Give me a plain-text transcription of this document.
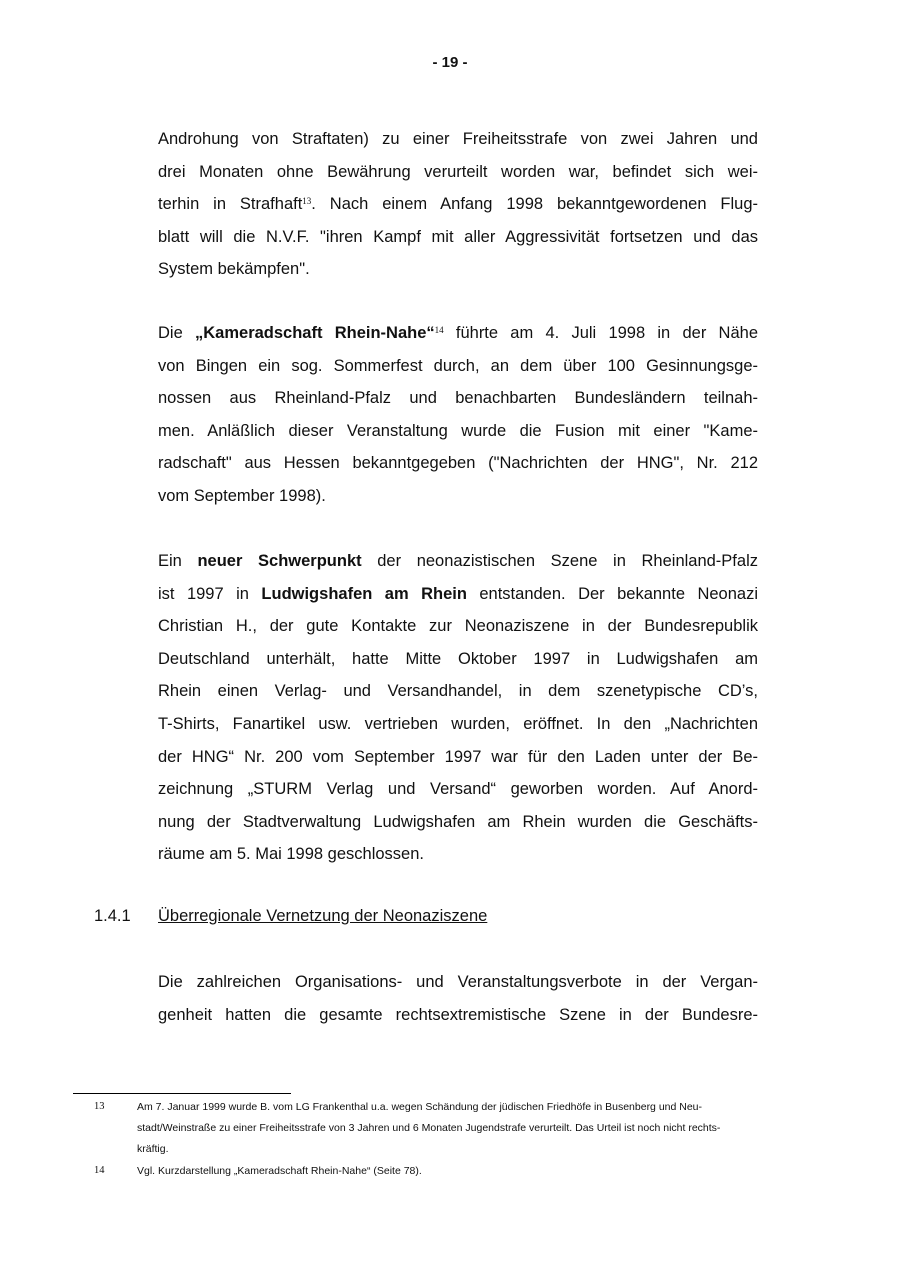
- 19 -
Androhung von Straftaten) zu einer Freiheitsstrafe von zwei Jahren und
drei Monaten ohne Bewährung verurteilt worden war, befindet sich wei-
terhin in Strafhaft$^{13}$. Nach einem Anfang 1998 bekanntgewordenen Flug-
blatt will die N.V.F. "ihren Kampf mit aller Aggressivität fortsetzen und das
System bekämpfen".
Die „Kameradschaft Rhein-Nahe“$^{14}$ führte am 4. Juli 1998 in der Nähe
von Bingen ein sog. Sommerfest durch, an dem über 100 Gesinnungsge-
nossen aus Rheinland-Pfalz und benachbarten Bundesländern teilnah-
men. Anläßlich dieser Veranstaltung wurde die Fusion mit einer "Kame-
radschaft" aus Hessen bekanntgegeben ("Nachrichten der HNG", Nr. 212
vom September 1998).
Ein neuer Schwerpunkt der neonazistischen Szene in Rheinland-Pfalz
ist 1997 in Ludwigshafen am Rhein entstanden. Der bekannte Neonazi
Christian H., der gute Kontakte zur Neonaziszene in der Bundesrepublik
Deutschland unterhält, hatte Mitte Oktober 1997 in Ludwigshafen am
Rhein einen Verlag- und Versandhandel, in dem szenetypische CD’s,
T-Shirts, Fanartikel usw. vertrieben wurden, eröffnet. In den „Nachrichten
der HNG“ Nr. 200 vom September 1997 war für den Laden unter der Be-
zeichnung „STURM Verlag und Versand“ geworben worden. Auf Anord-
nung der Stadtverwaltung Ludwigshafen am Rhein wurden die Geschäfts-
räume am 5. Mai 1998 geschlossen.
Die zahlreichen Organisations- und Veranstaltungsverbote in der Vergan-
genheit hatten die gesamte rechtsextremistische Szene in der Bundesre-
1.4.1 Überregionale Vernetzung der Neonaziszene
13	Am 7. Januar 1999 wurde B. vom LG Frankenthal u.a. wegen Schändung der jüdischen Friedhöfe in Busenberg und Neu-
stadt/Weinstraße zu einer Freiheitsstrafe von 3 Jahren und 6 Monaten Jugendstrafe verurteilt. Das Urteil ist noch nicht rechts-
kräftig.
14	Vgl. Kurzdarstellung „Kameradschaft Rhein-Nahe“ (Seite 78).
